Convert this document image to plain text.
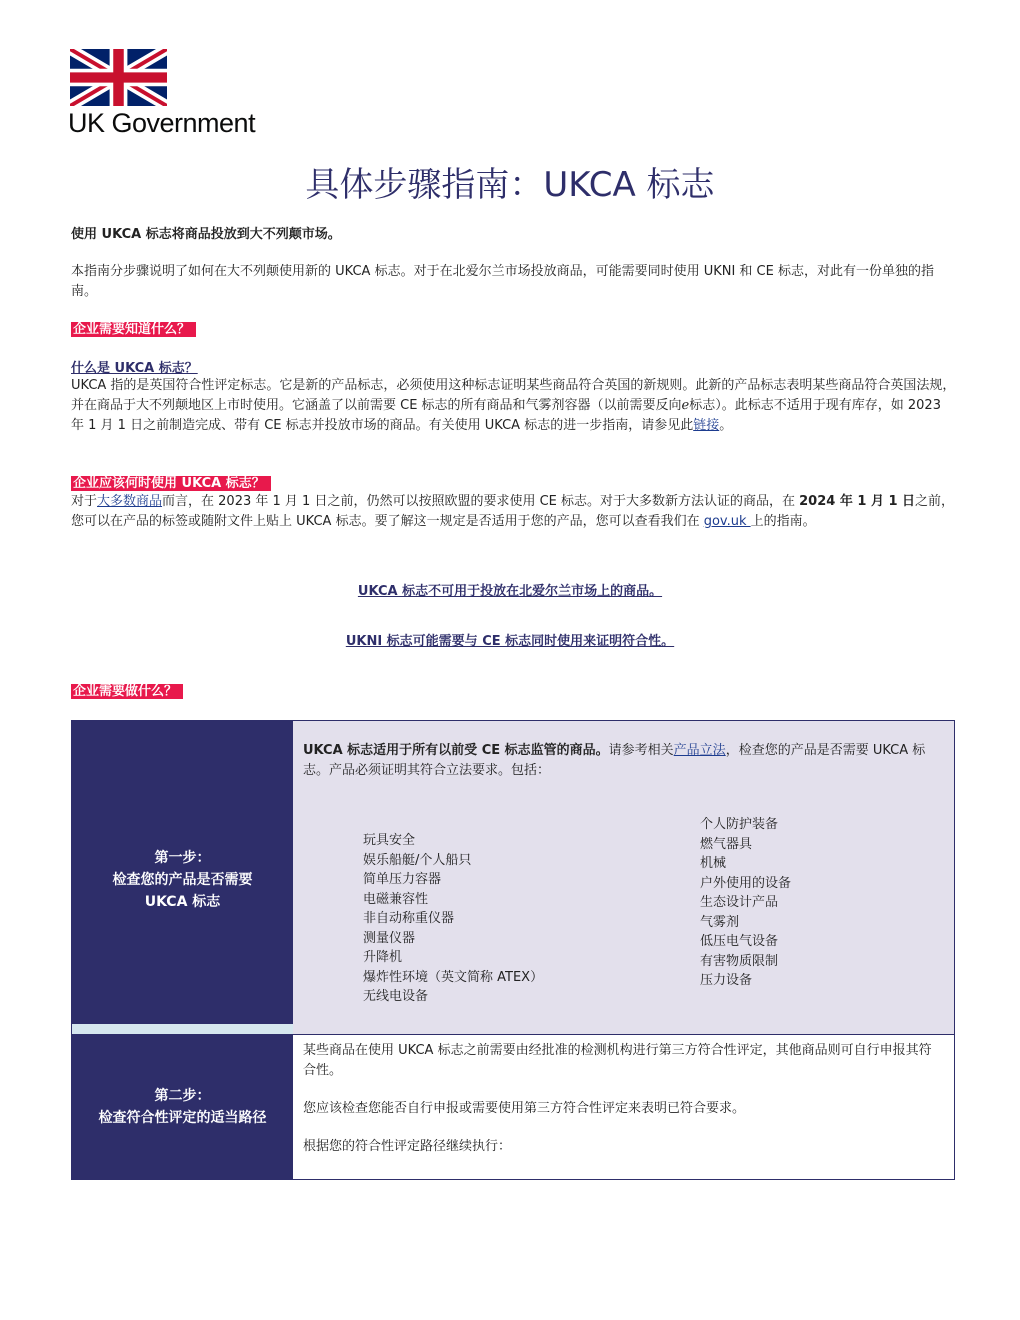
UK Government
具体步骤指南：UKCA 标志
使用 UKCA 标志将商品投放到大不列颠市场。
本指南分步骤说明了如何在大不列颠使用新的 UKCA 标志。对于在北爱尔兰市场投放商品，可能需要同时使用 UKNI 和 CE 标志，对此有一份单独的指南。
企业需要知道什么？
什么是 UKCA 标志？
UKCA 指的是英国符合性评定标志。它是新的产品标志，必须使用这种标志证明某些商品符合英国的新规则。此新的产品标志表明某些商品符合英国法规，并在商品于大不列颠地区上市时使用。它涵盖了以前需要 CE 标志的所有商品和气雾剂容器（以前需要反向ℯ标志）。此标志不适用于现有库存，如 2023 年 1 月 1 日之前制造完成、带有 CE 标志并投放市场的商品。有关使用 UKCA 标志的进一步指南，请参见此链接。
企业应该何时使用 UKCA 标志？
对于大多数商品而言，在 2023 年 1 月 1 日之前，仍然可以按照欧盟的要求使用 CE 标志。对于大多数新方法认证的商品，在 2024 年 1 月 1 日之前，您可以在产品的标签或随附文件上贴上 UKCA 标志。要了解这一规定是否适用于您的产品，您可以查看我们在 gov.uk 上的指南。
UKCA 标志不可用于投放在北爱尔兰市场上的商品。
UKNI 标志可能需要与 CE 标志同时使用来证明符合性。
企业需要做什么？
第一步：
检查您的产品是否需要
UKCA 标志
UKCA 标志适用于所有以前受 CE 标志监管的商品。请参考相关产品立法，检查您的产品是否需要 UKCA 标志。产品必须证明其符合立法要求。包括：
玩具安全
娱乐船艇/个人船只
简单压力容器
电磁兼容性
非自动称重仪器
测量仪器
升降机
爆炸性环境（英文简称 ATEX）
无线电设备
个人防护装备
燃气器具
机械
户外使用的设备
生态设计产品
气雾剂
低压电气设备
有害物质限制
压力设备
第二步：
检查符合性评定的适当路径
某些商品在使用 UKCA 标志之前需要由经批准的检测机构进行第三方符合性评定，其他商品则可自行申报其符合性。
您应该检查您能否自行申报或需要使用第三方符合性评定来表明已符合要求。
根据您的符合性评定路径继续执行：
